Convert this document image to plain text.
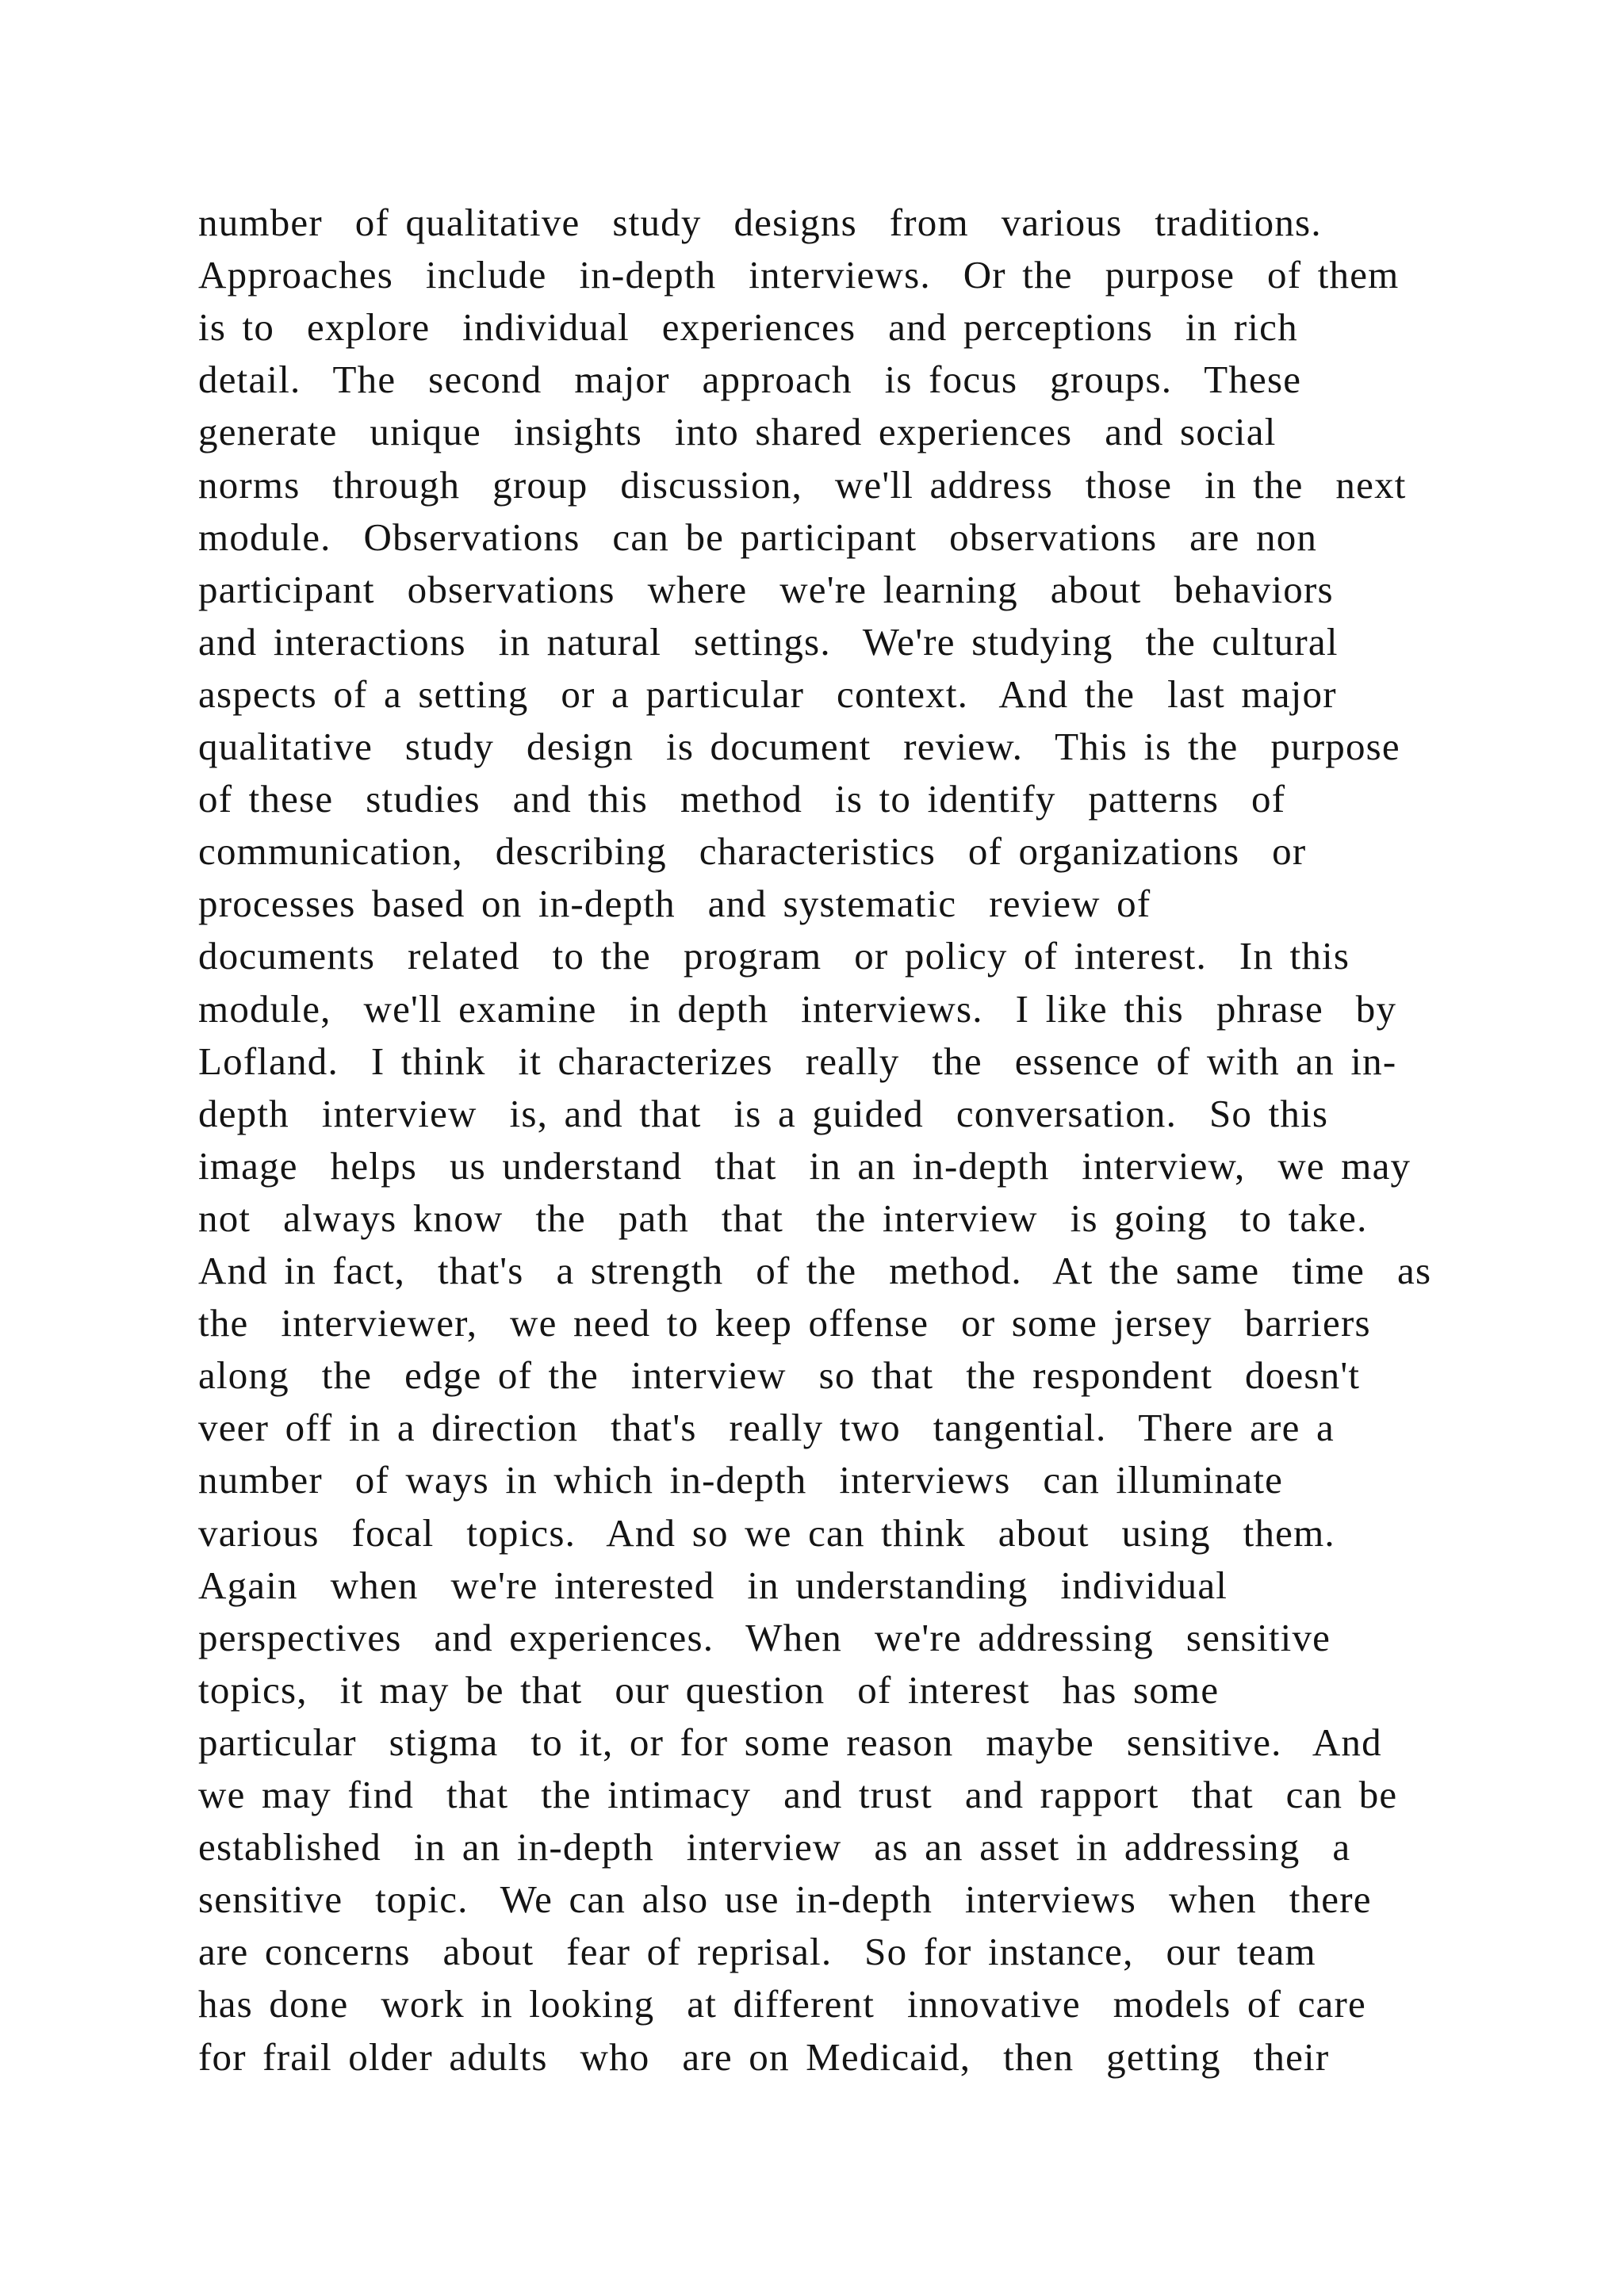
number  of qualitative  study  designs  from  various  traditions.
Approaches  include  in-depth  interviews.  Or the  purpose  of them
is to  explore  individual  experiences  and perceptions  in rich
detail.  The  second  major  approach  is focus  groups.  These
generate  unique  insights  into shared experiences  and social
norms  through  group  discussion,  we'll address  those  in the  next
module.  Observations  can be participant  observations  are non
participant  observations  where  we're learning  about  behaviors
and interactions  in natural  settings.  We're studying  the cultural
aspects of a setting  or a particular  context.  And the  last major
qualitative  study  design  is document  review.  This is the  purpose
of these  studies  and this  method  is to identify  patterns  of
communication,  describing  characteristics  of organizations  or
processes based on in-depth  and systematic  review of
documents  related  to the  program  or policy of interest.  In this
module,  we'll examine  in depth  interviews.  I like this  phrase  by
Lofland.  I think  it characterizes  really  the  essence of with an in-
depth  interview  is, and that  is a guided  conversation.  So this
image  helps  us understand  that  in an in-depth  interview,  we may
not  always know  the  path  that  the interview  is going  to take.
And in fact,  that's  a strength  of the  method.  At the same  time  as
the  interviewer,  we need to keep offense  or some jersey  barriers
along  the  edge of the  interview  so that  the respondent  doesn't
veer off in a direction  that's  really two  tangential.  There are a
number  of ways in which in-depth  interviews  can illuminate
various  focal  topics.  And so we can think  about  using  them.
Again  when  we're interested  in understanding  individual
perspectives  and experiences.  When  we're addressing  sensitive
topics,  it may be that  our question  of interest  has some
particular  stigma  to it, or for some reason  maybe  sensitive.  And
we may find  that  the intimacy  and trust  and rapport  that  can be
established  in an in-depth  interview  as an asset in addressing  a
sensitive  topic.  We can also use in-depth  interviews  when  there
are concerns  about  fear of reprisal.  So for instance,  our team
has done  work in looking  at different  innovative  models of care
for frail older adults  who  are on Medicaid,  then  getting  their
